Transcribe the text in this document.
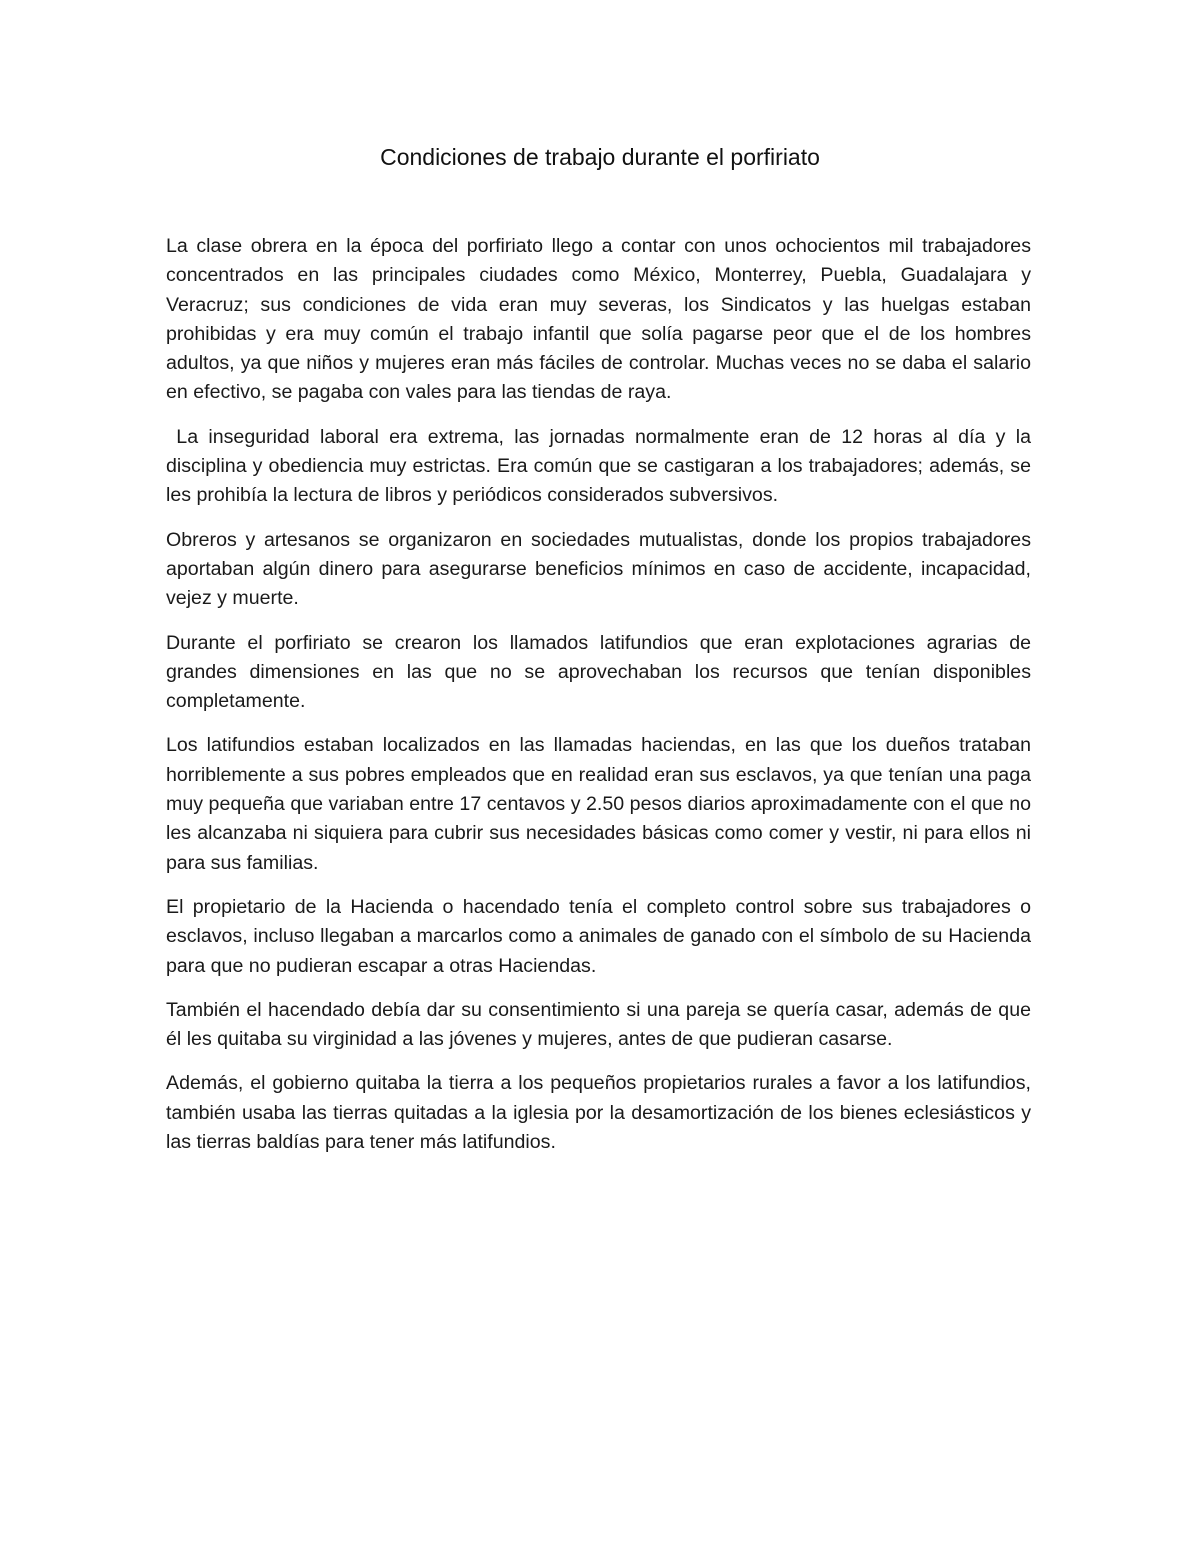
Condiciones de trabajo durante el porfiriato

La clase obrera en la época del porfiriato llego a contar con unos ochocientos mil trabajadores concentrados en las principales ciudades como México, Monterrey, Puebla, Guadalajara y Veracruz; sus condiciones de vida eran muy severas, los Sindicatos y las huelgas estaban prohibidas y era muy común el trabajo infantil que solía pagarse peor que el de los hombres adultos, ya que niños y mujeres eran más fáciles de controlar. Muchas veces no se daba el salario en efectivo, se pagaba con vales para las tiendas de raya.

La inseguridad laboral era extrema, las jornadas normalmente eran de 12 horas al día y la disciplina y obediencia muy estrictas. Era común que se castigaran a los trabajadores; además, se les prohibía la lectura de libros y periódicos considerados subversivos.

Obreros y artesanos se organizaron en sociedades mutualistas, donde los propios trabajadores aportaban algún dinero para asegurarse beneficios mínimos en caso de accidente, incapacidad, vejez y muerte.

Durante el porfiriato se crearon los llamados latifundios que eran explotaciones agrarias de grandes dimensiones en las que no se aprovechaban los recursos que tenían disponibles completamente.

Los latifundios estaban localizados en las llamadas haciendas, en las que los dueños trataban horriblemente a sus pobres empleados que en realidad eran sus esclavos, ya que tenían una paga muy pequeña que variaban entre 17 centavos y 2.50 pesos diarios aproximadamente con el que no les alcanzaba ni siquiera para cubrir sus necesidades básicas como comer y vestir, ni para ellos ni para sus familias.

El propietario de la Hacienda o hacendado tenía el completo control sobre sus trabajadores o esclavos, incluso llegaban a marcarlos como a animales de ganado con el símbolo de su Hacienda para que no pudieran escapar a otras Haciendas.

También el hacendado debía dar su consentimiento si una pareja se quería casar, además de que él les quitaba su virginidad a las jóvenes y mujeres, antes de que pudieran casarse.

Además, el gobierno quitaba la tierra a los pequeños propietarios rurales a favor a los latifundios, también usaba las tierras quitadas a la iglesia por la desamortización de los bienes eclesiásticos y las tierras baldías para tener más latifundios.
